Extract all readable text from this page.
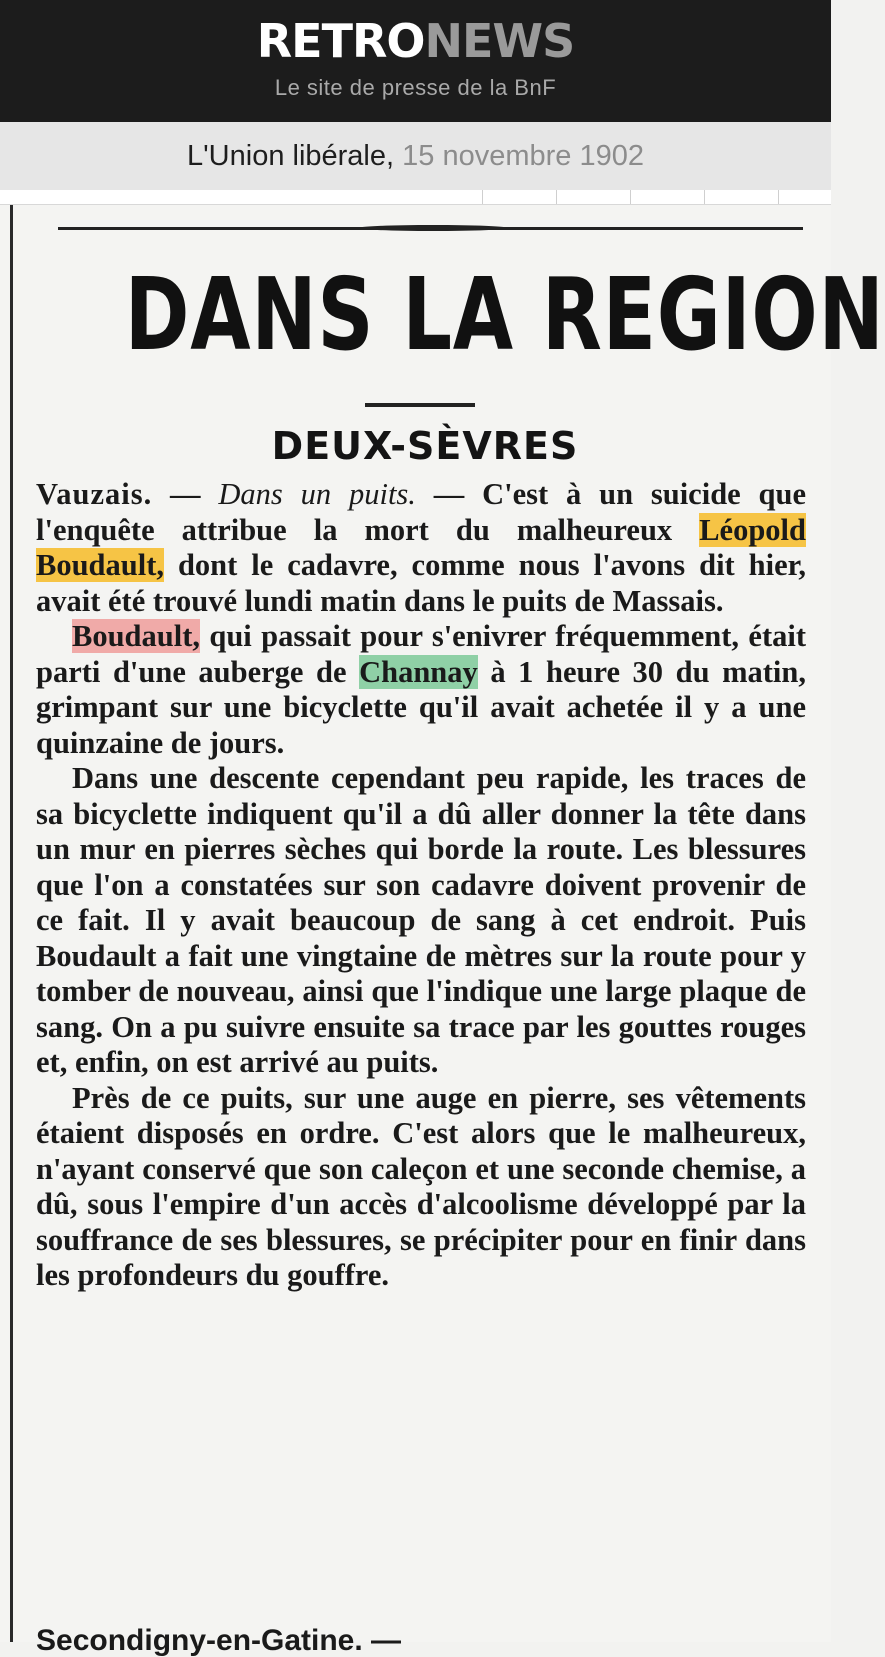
RETRONEWS
Le site de presse de la BnF
L'Union libérale, 15 novembre 1902
DANS LA REGION
DEUX-SÈVRES

Vauzais. — Dans un puits. — C'est à un suicide que l'enquête attribue la mort du malheureux Léopold Boudault, dont le cadavre, comme nous l'avons dit hier, avait été trouvé lundi matin dans le puits de Massais.

Boudault, qui passait pour s'enivrer fréquemment, était parti d'une auberge de Channay à 1 heure 30 du matin, grimpant sur une bicyclette qu'il avait achetée il y a une quinzaine de jours.

Dans une descente cependant peu rapide, les traces de sa bicyclette indiquent qu'il a dû aller donner la tête dans un mur en pierres sèches qui borde la route. Les blessures que l'on a constatées sur son cadavre doivent provenir de ce fait. Il y avait beaucoup de sang à cet endroit. Puis Boudault a fait une vingtaine de mètres sur la route pour y tomber de nouveau, ainsi que l'indique une large plaque de sang. On a pu suivre ensuite sa trace par les gouttes rouges et, enfin, on est arrivé au puits.

Près de ce puits, sur une auge en pierre, ses vêtements étaient disposés en ordre. C'est alors que le malheureux, n'ayant conservé que son caleçon et une seconde chemise, a dû, sous l'empire d'un accès d'alcoolisme développé par la souffrance de ses blessures, se précipiter pour en finir dans les profondeurs du gouffre.

Secondigny-en-Gatine. —
